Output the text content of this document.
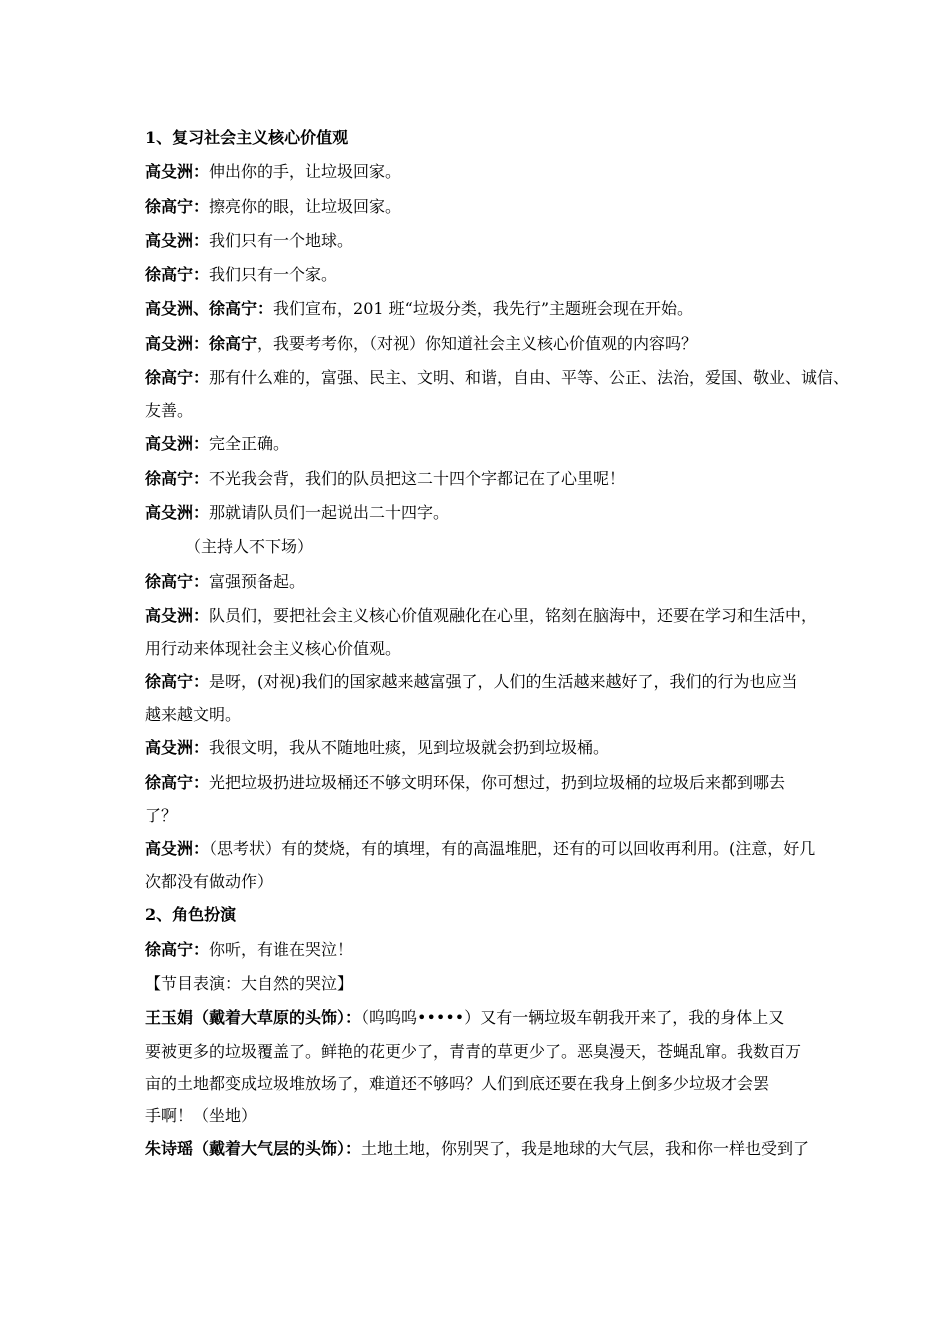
1、复习社会主义核心价值观
高殳洲：伸出你的手，让垃圾回家。
徐高宁：擦亮你的眼，让垃圾回家。
高殳洲：我们只有一个地球。
徐高宁：我们只有一个家。
高殳洲、徐高宁：我们宣布，201 班“垃圾分类，我先行”主题班会现在开始。
高殳洲：徐高宁，我要考考你，（对视）你知道社会主义核心价值观的内容吗？
徐高宁：那有什么难的，富强、民主、文明、和谐，自由、平等、公正、法治，爱国、敬业、诚信、
友善。
高殳洲：完全正确。
徐高宁：不光我会背，我们的队员把这二十四个字都记在了心里呢！
高殳洲：那就请队员们一起说出二十四字。
（主持人不下场）
徐高宁：富强预备起。
高殳洲：队员们，要把社会主义核心价值观融化在心里，铭刻在脑海中，还要在学习和生活中，
用行动来体现社会主义核心价值观。
徐高宁：是呀，(对视)我们的国家越来越富强了，人们的生活越来越好了，我们的行为也应当
越来越文明。
高殳洲：我很文明，我从不随地吐痰，见到垃圾就会扔到垃圾桶。
徐高宁：光把垃圾扔进垃圾桶还不够文明环保，你可想过，扔到垃圾桶的垃圾后来都到哪去
了？
高殳洲：（思考状）有的焚烧，有的填埋，有的高温堆肥，还有的可以回收再利用。(注意，好几
次都没有做动作）
2、角色扮演
徐高宁：你听，有谁在哭泣！
【节目表演：大自然的哭泣】
王玉娟（戴着大草原的头饰）：（呜呜呜•••••）又有一辆垃圾车朝我开来了，我的身体上又
要被更多的垃圾覆盖了。鲜艳的花更少了，青青的草更少了。恶臭漫天，苍蝇乱窜。我数百万
亩的土地都变成垃圾堆放场了，难道还不够吗？人们到底还要在我身上倒多少垃圾才会罢
手啊！（坐地）
朱诗瑶（戴着大气层的头饰）：土地土地，你别哭了，我是地球的大气层，我和你一样也受到了
